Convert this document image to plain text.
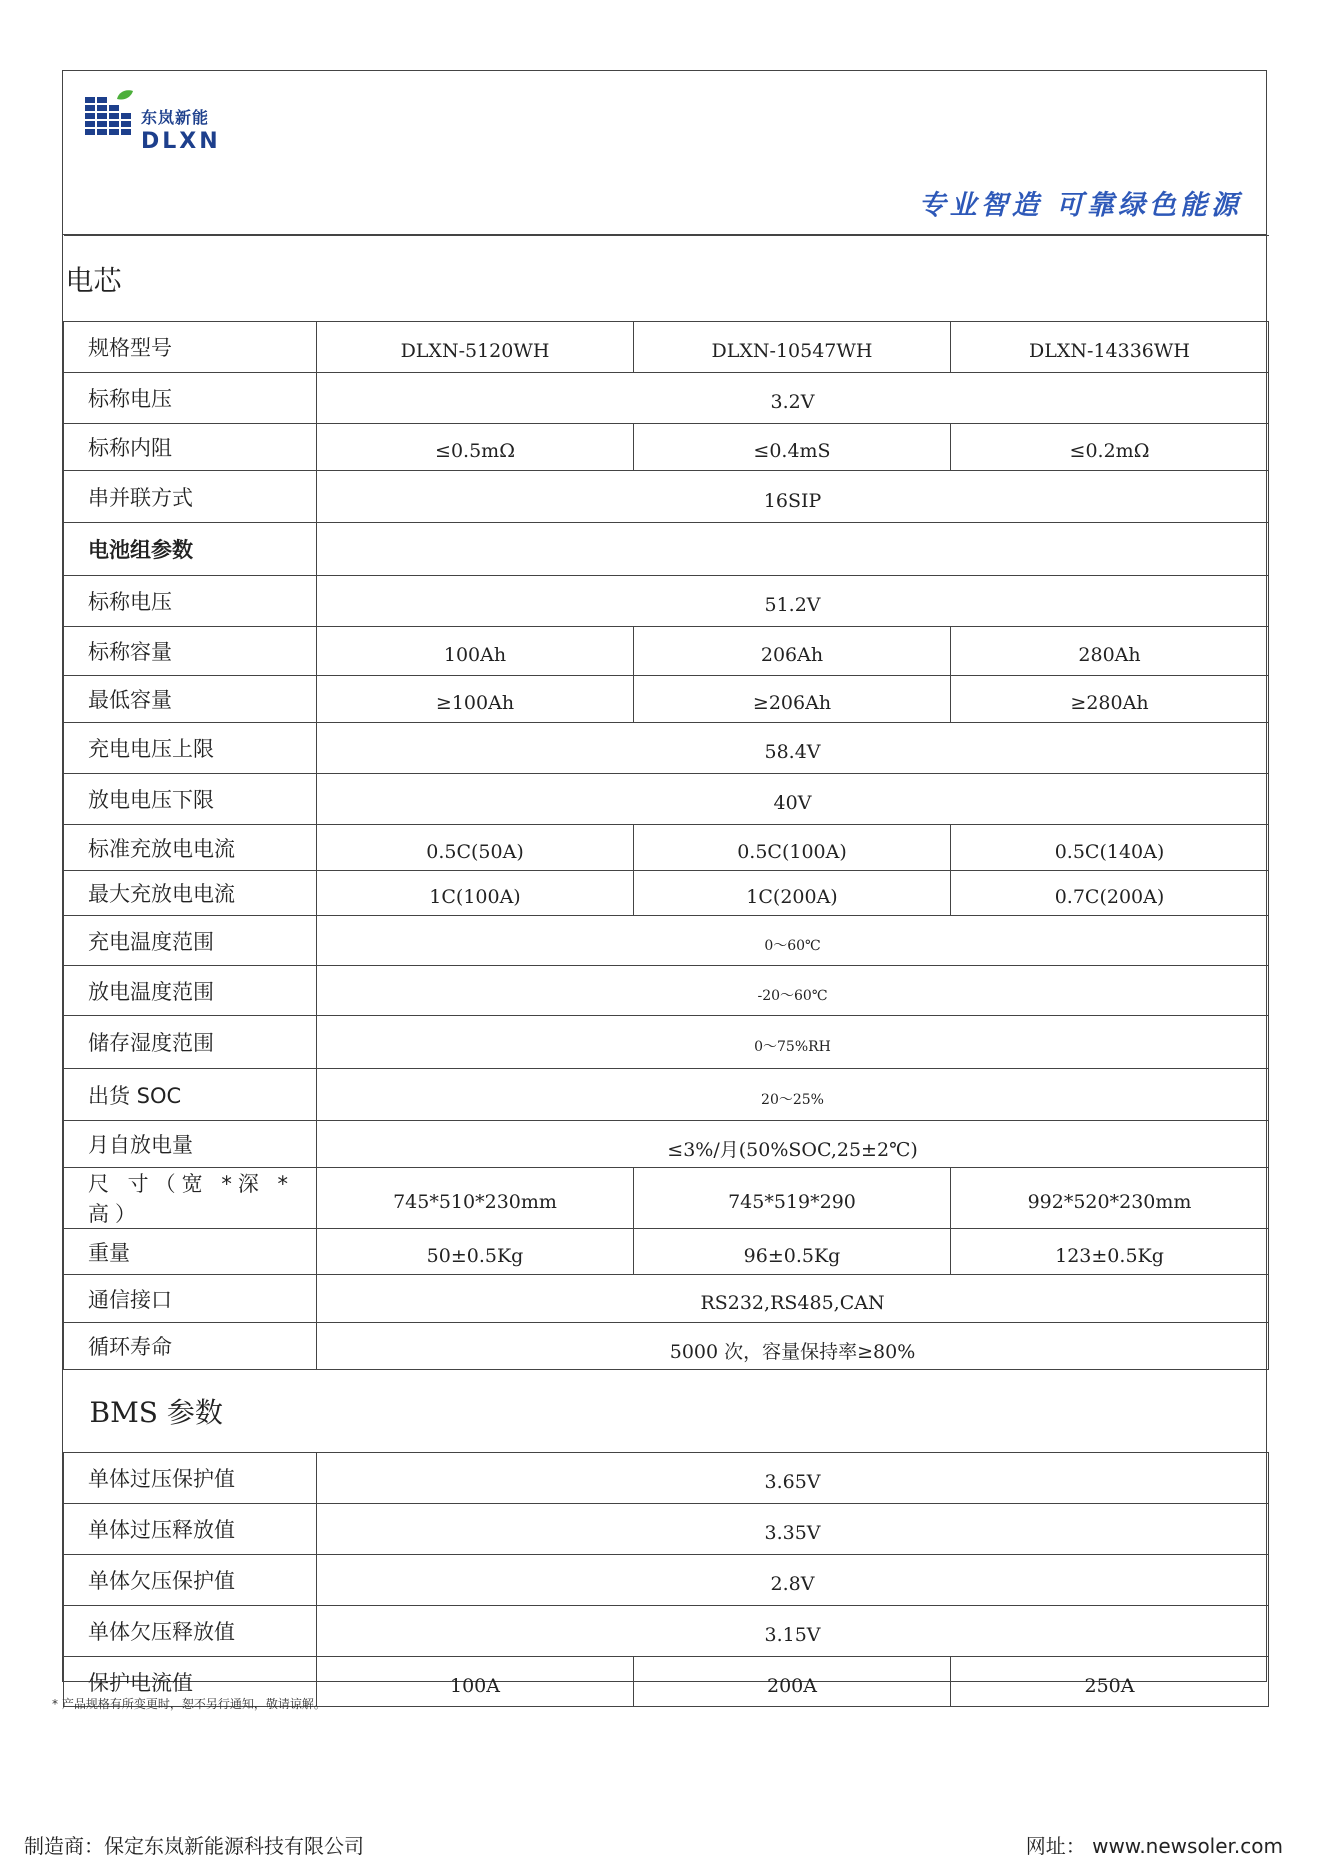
东岚新能
DLXN
专业智造 可靠绿色能源
电芯			
规格型号	DLXN-5120WH	DLXN-10547WH	DLXN-14336WH
标称电压	3.2V		
标称内阻	≤0.5mΩ	≤0.4mS	≤0.2mΩ
串并联方式	16SIP		
电池组参数			
标称电压	51.2V		
标称容量	100Ah	206Ah	280Ah
最低容量	≥100Ah	≥206Ah	≥280Ah
充电电压上限	58.4V		
放电电压下限	40V		
标准充放电电流	0.5C(50A)	0.5C(100A)	0.5C(140A)
最大充放电电流	1C(100A)	1C(200A)	0.7C(200A)
充电温度范围	0～60℃		
放电温度范围	-20～60℃		
储存湿度范围	0～75%RH		
出货 SOC	20～25%		
月自放电量	≤3%/月(50%SOC,25±2℃)		
尺 寸（宽 *深 *高）	745*510*230mm	745*519*290	992*520*230mm
重量	50±0.5Kg	96±0.5Kg	123±0.5Kg
通信接口	RS232,RS485,CAN		
循环寿命	5000 次，容量保持率≥80%		
BMS 参数			
单体过压保护值	3.65V		
单体过压释放值	3.35V		
单体欠压保护值	2.8V		
单体欠压释放值	3.15V		
保护电流值	100A	200A	250A
* 产品规格有所变更时，恕不另行通知，敬请谅解。
制造商：保定东岚新能源科技有限公司	网址： www.newsoler.com
